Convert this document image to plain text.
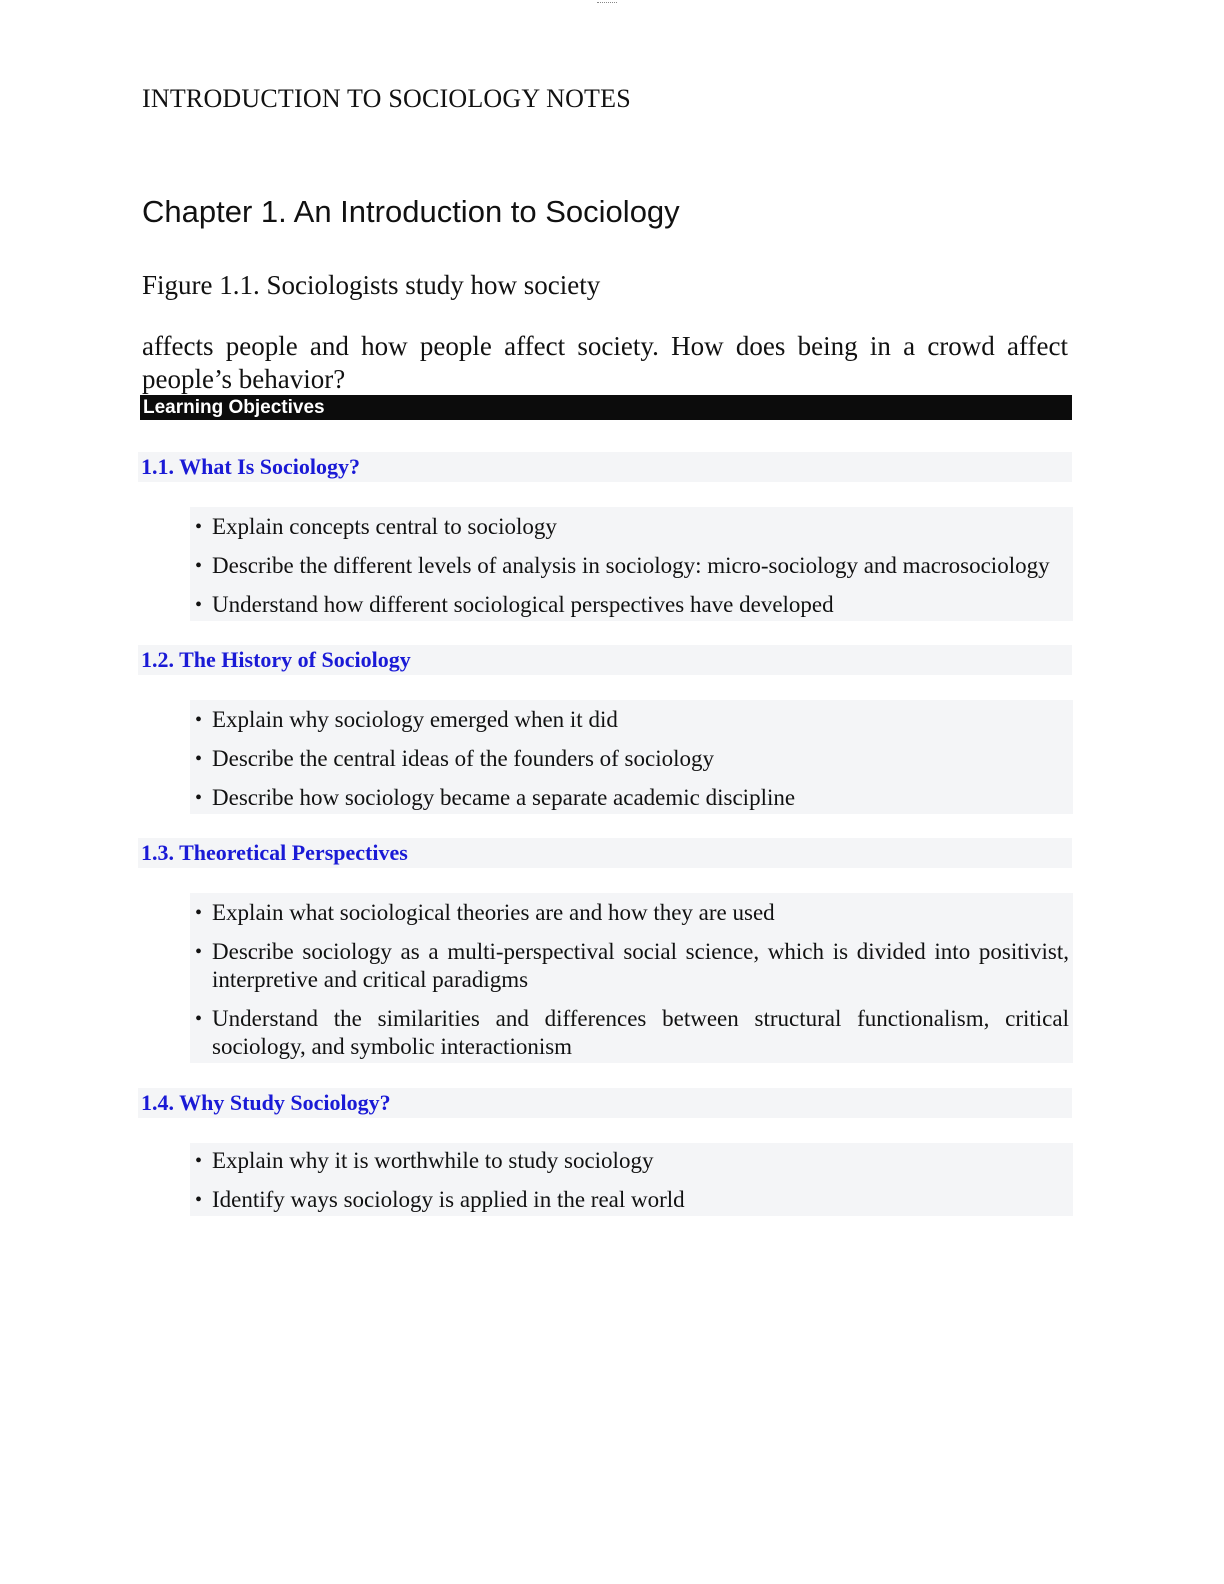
INTRODUCTION TO SOCIOLOGY NOTES
Chapter 1. An Introduction to Sociology
Figure 1.1. Sociologists study how society
affects people and how people affect society. How does being in a crowd affect people’s behavior?
Learning Objectives
1.1. What Is Sociology?
• Explain concepts central to sociology
• Describe the different levels of analysis in sociology: micro-sociology and macrosociology
• Understand how different sociological perspectives have developed
1.2. The History of Sociology
• Explain why sociology emerged when it did
• Describe the central ideas of the founders of sociology
• Describe how sociology became a separate academic discipline
1.3. Theoretical Perspectives
• Explain what sociological theories are and how they are used
• Describe sociology as a multi-perspectival social science, which is divided into positivist, interpretive and critical paradigms
• Understand the similarities and differences between structural functionalism, critical sociology, and symbolic interactionism
1.4. Why Study Sociology?
• Explain why it is worthwhile to study sociology
• Identify ways sociology is applied in the real world
